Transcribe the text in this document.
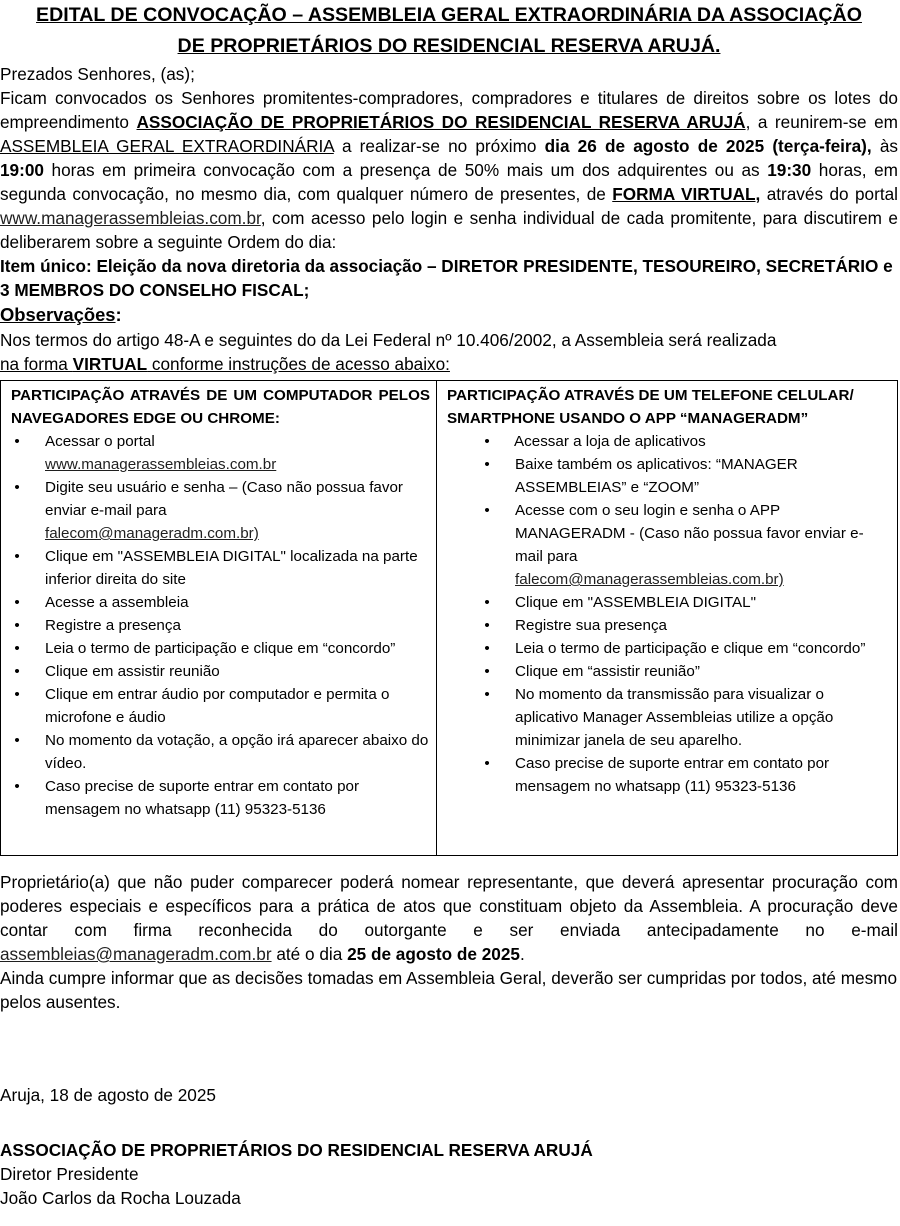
EDITAL DE CONVOCAÇÃO – ASSEMBLEIA GERAL EXTRAORDINÁRIA DA ASSOCIAÇÃO
DE PROPRIETÁRIOS DO RESIDENCIAL RESERVA ARUJÁ.

Prezados Senhores, (as);

Ficam convocados os Senhores promitentes-compradores, compradores e titulares de direitos sobre os lotes do empreendimento ASSOCIAÇÃO DE PROPRIETÁRIOS DO RESIDENCIAL RESERVA ARUJÁ, a reunirem-se em ASSEMBLEIA GERAL EXTRAORDINÁRIA a realizar-se no próximo dia 26 de agosto de 2025 (terça-feira), às 19:00 horas em primeira convocação com a presença de 50% mais um dos adquirentes ou as 19:30 horas, em segunda convocação, no mesmo dia, com qualquer número de presentes, de FORMA VIRTUAL, através do portal www.managerassembleias.com.br, com acesso pelo login e senha individual de cada promitente, para discutirem e deliberarem sobre a seguinte Ordem do dia:

Item único: Eleição da nova diretoria da associação – DIRETOR PRESIDENTE, TESOUREIRO, SECRETÁRIO e 3 MEMBROS DO CONSELHO FISCAL;

Observações:

Nos termos do artigo 48-A e seguintes do da Lei Federal nº 10.406/2002, a Assembleia será realizada
na forma VIRTUAL conforme instruções de acesso abaixo:

PARTICIPAÇÃO ATRAVÉS DE UM COMPUTADOR PELOS NAVEGADORES EDGE OU CHROME:

• Acessar o portal
www.managerassembleias.com.br
• Digite seu usuário e senha – (Caso não possua favor enviar e-mail para
falecom@manageradm.com.br)
• Clique em "ASSEMBLEIA DIGITAL" localizada na parte inferior direita do site
• Acesse a assembleia
• Registre a presença
• Leia o termo de participação e clique em “concordo”
• Clique em assistir reunião
• Clique em entrar áudio por computador e permita o microfone e áudio
• No momento da votação, a opção irá aparecer abaixo do vídeo.
• Caso precise de suporte entrar em contato por mensagem no whatsapp (11) 95323-5136

PARTICIPAÇÃO ATRAVÉS DE UM TELEFONE CELULAR/ SMARTPHONE USANDO O APP “MANAGERADM”

• Acessar a loja de aplicativos
• Baixe também os aplicativos: “MANAGER ASSEMBLEIAS” e “ZOOM”
• Acesse com o seu login e senha o APP MANAGERADM - (Caso não possua favor enviar e-mail para
falecom@managerassembleias.com.br)
• Clique em "ASSEMBLEIA DIGITAL"
• Registre sua presença
• Leia o termo de participação e clique em “concordo”
• Clique em “assistir reunião”
• No momento da transmissão para visualizar o aplicativo Manager Assembleias utilize a opção minimizar janela de seu aparelho.
• Caso precise de suporte entrar em contato por mensagem no whatsapp (11) 95323-5136

Proprietário(a) que não puder comparecer poderá nomear representante, que deverá apresentar procuração com poderes especiais e específicos para a prática de atos que constituam objeto da Assembleia. A procuração deve contar com firma reconhecida do outorgante e ser enviada antecipadamente no e-mail assembleias@manageradm.com.br até o dia 25 de agosto de 2025.

Ainda cumpre informar que as decisões tomadas em Assembleia Geral, deverão ser cumpridas por todos, até mesmo pelos ausentes.

Aruja, 18 de agosto de 2025

ASSOCIAÇÃO DE PROPRIETÁRIOS DO RESIDENCIAL RESERVA ARUJÁ

Diretor Presidente

João Carlos da Rocha Louzada
